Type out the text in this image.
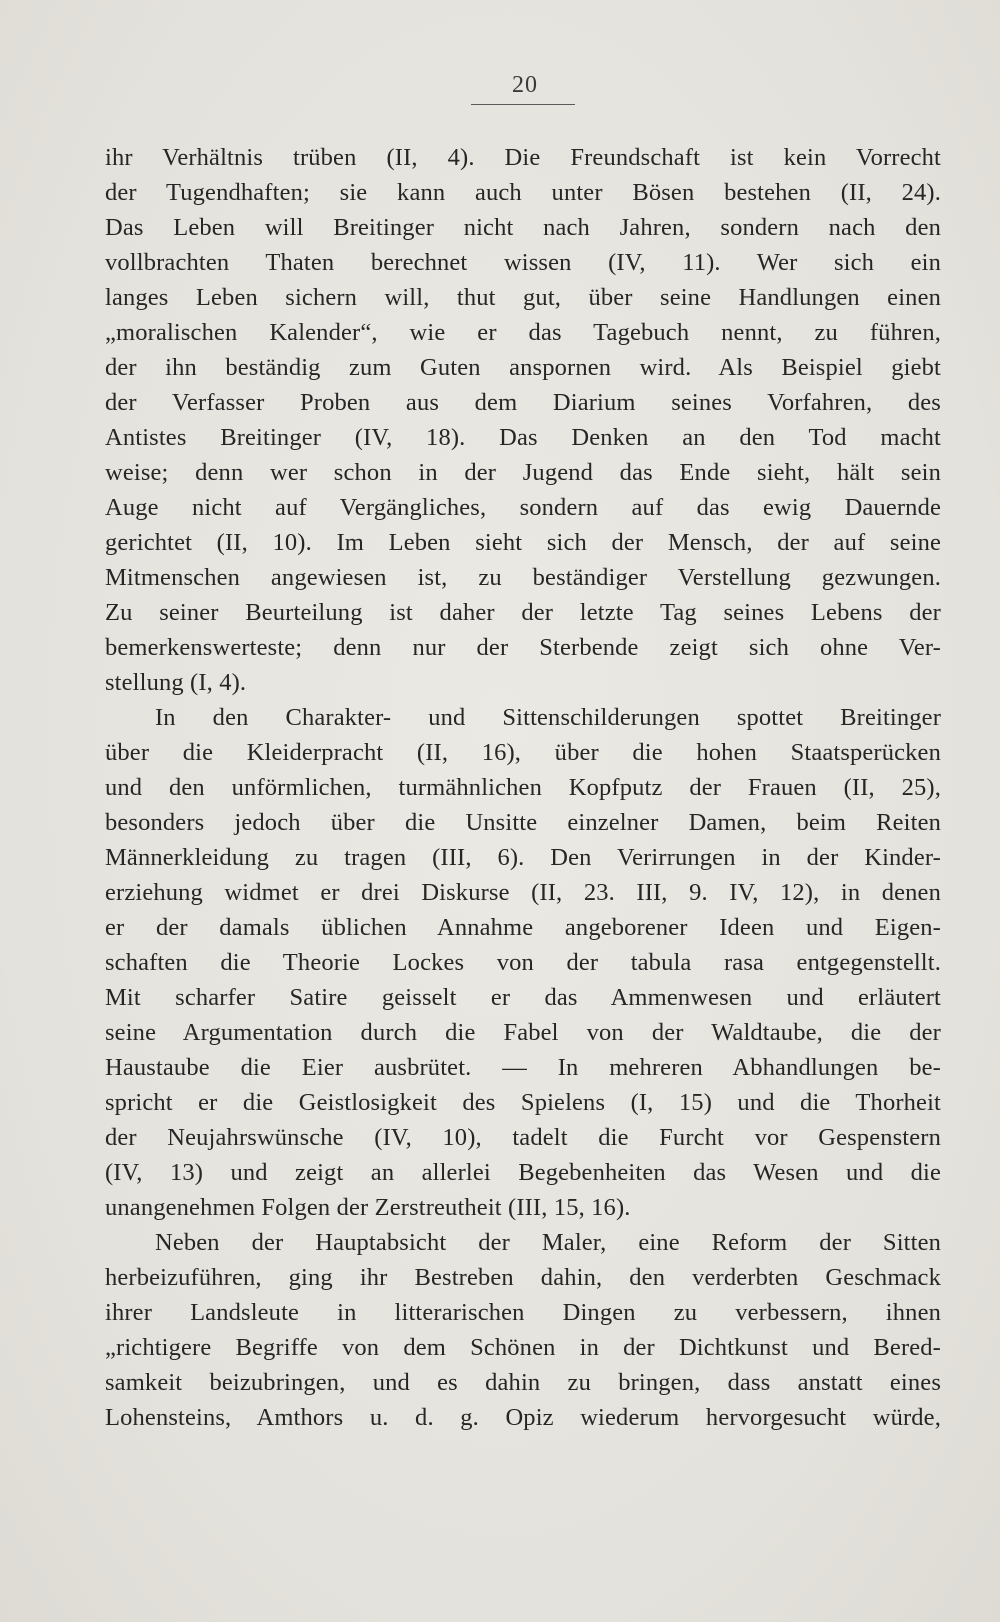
20
ihr Verhältnis trüben (II, 4). Die Freundschaft ist kein Vorrecht
der Tugendhaften; sie kann auch unter Bösen bestehen (II, 24).
Das Leben will Breitinger nicht nach Jahren, sondern nach den
vollbrachten Thaten berechnet wissen (IV, 11). Wer sich ein
langes Leben sichern will, thut gut, über seine Handlungen einen
„moralischen Kalender“, wie er das Tagebuch nennt, zu führen,
der ihn beständig zum Guten anspornen wird. Als Beispiel giebt
der Verfasser Proben aus dem Diarium seines Vorfahren, des
Antistes Breitinger (IV, 18). Das Denken an den Tod macht
weise; denn wer schon in der Jugend das Ende sieht, hält sein
Auge nicht auf Vergängliches, sondern auf das ewig Dauernde
gerichtet (II, 10). Im Leben sieht sich der Mensch, der auf seine
Mitmenschen angewiesen ist, zu beständiger Verstellung gezwungen.
Zu seiner Beurteilung ist daher der letzte Tag seines Lebens der
bemerkenswerteste; denn nur der Sterbende zeigt sich ohne Ver-
stellung (I, 4).
In den Charakter- und Sittenschilderungen spottet Breitinger
über die Kleiderpracht (II, 16), über die hohen Staatsperücken
und den unförmlichen, turmähnlichen Kopfputz der Frauen (II, 25),
besonders jedoch über die Unsitte einzelner Damen, beim Reiten
Männerkleidung zu tragen (III, 6). Den Verirrungen in der Kinder-
erziehung widmet er drei Diskurse (II, 23. III, 9. IV, 12), in denen
er der damals üblichen Annahme angeborener Ideen und Eigen-
schaften die Theorie Lockes von der tabula rasa entgegenstellt.
Mit scharfer Satire geisselt er das Ammenwesen und erläutert
seine Argumentation durch die Fabel von der Waldtaube, die der
Haustaube die Eier ausbrütet. — In mehreren Abhandlungen be-
spricht er die Geistlosigkeit des Spielens (I, 15) und die Thorheit
der Neujahrswünsche (IV, 10), tadelt die Furcht vor Gespenstern
(IV, 13) und zeigt an allerlei Begebenheiten das Wesen und die
unangenehmen Folgen der Zerstreutheit (III, 15, 16).
Neben der Hauptabsicht der Maler, eine Reform der Sitten
herbeizuführen, ging ihr Bestreben dahin, den verderbten Geschmack
ihrer Landsleute in litterarischen Dingen zu verbessern, ihnen
„richtigere Begriffe von dem Schönen in der Dichtkunst und Bered-
samkeit beizubringen, und es dahin zu bringen, dass anstatt eines
Lohensteins, Amthors u. d. g. Opiz wiederum hervorgesucht würde,
